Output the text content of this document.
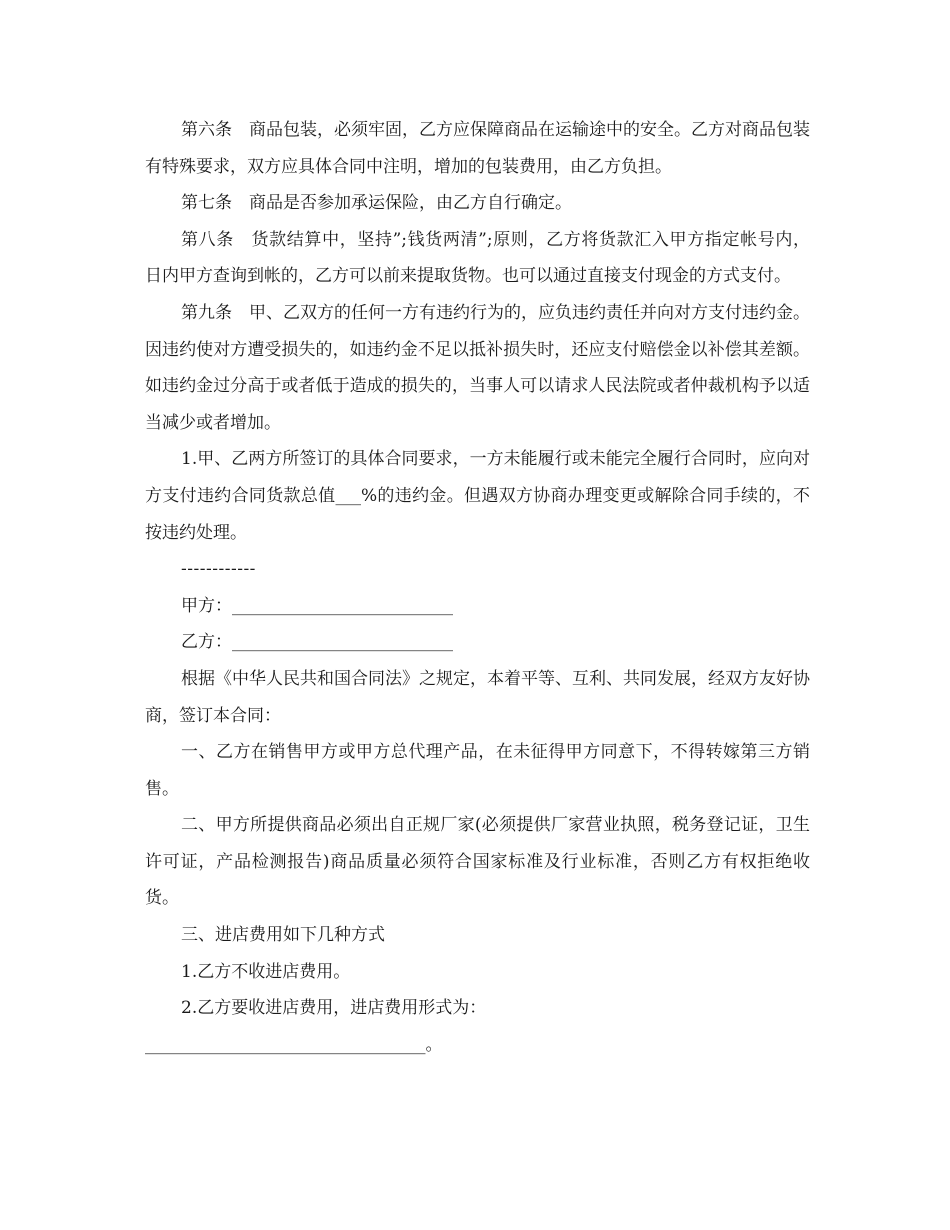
第六条　商品包装，必须牢固，乙方应保障商品在运输途中的安全。乙方对商品包装有特殊要求，双方应具体合同中注明，增加的包装费用，由乙方负担。

第七条　商品是否参加承运保险，由乙方自行确定。

第八条　货款结算中，坚持”;钱货两清”;原则，乙方将货款汇入甲方指定帐号内， 日内甲方查询到帐的，乙方可以前来提取货物。也可以通过直接支付现金的方式支付。

第九条　甲、乙双方的任何一方有违约行为的，应负违约责任并向对方支付违约金。因违约使对方遭受损失的，如违约金不足以抵补损失时，还应支付赔偿金以补偿其差额。如违约金过分高于或者低于造成的损失的，当事人可以请求人民法院或者仲裁机构予以适当减少或者增加。

1.甲、乙两方所签订的具体合同要求，一方未能履行或未能完全履行合同时，应向对方支付违约合同货款总值___%的违约金。但遇双方协商办理变更或解除合同手续的，不按违约处理。

------------

甲方：__________________________

乙方：__________________________

根据《中华人民共和国合同法》之规定，本着平等、互利、共同发展，经双方友好协商，签订本合同：

一、乙方在销售甲方或甲方总代理产品，在未征得甲方同意下，不得转嫁第三方销售。

二、甲方所提供商品必须出自正规厂家(必须提供厂家营业执照，税务登记证，卫生许可证，产品检测报告)商品质量必须符合国家标准及行业标准，否则乙方有权拒绝收货。

三、进店费用如下几种方式

1.乙方不收进店费用。

2.乙方要收进店费用，进店费用形式为：

_________________________________。
